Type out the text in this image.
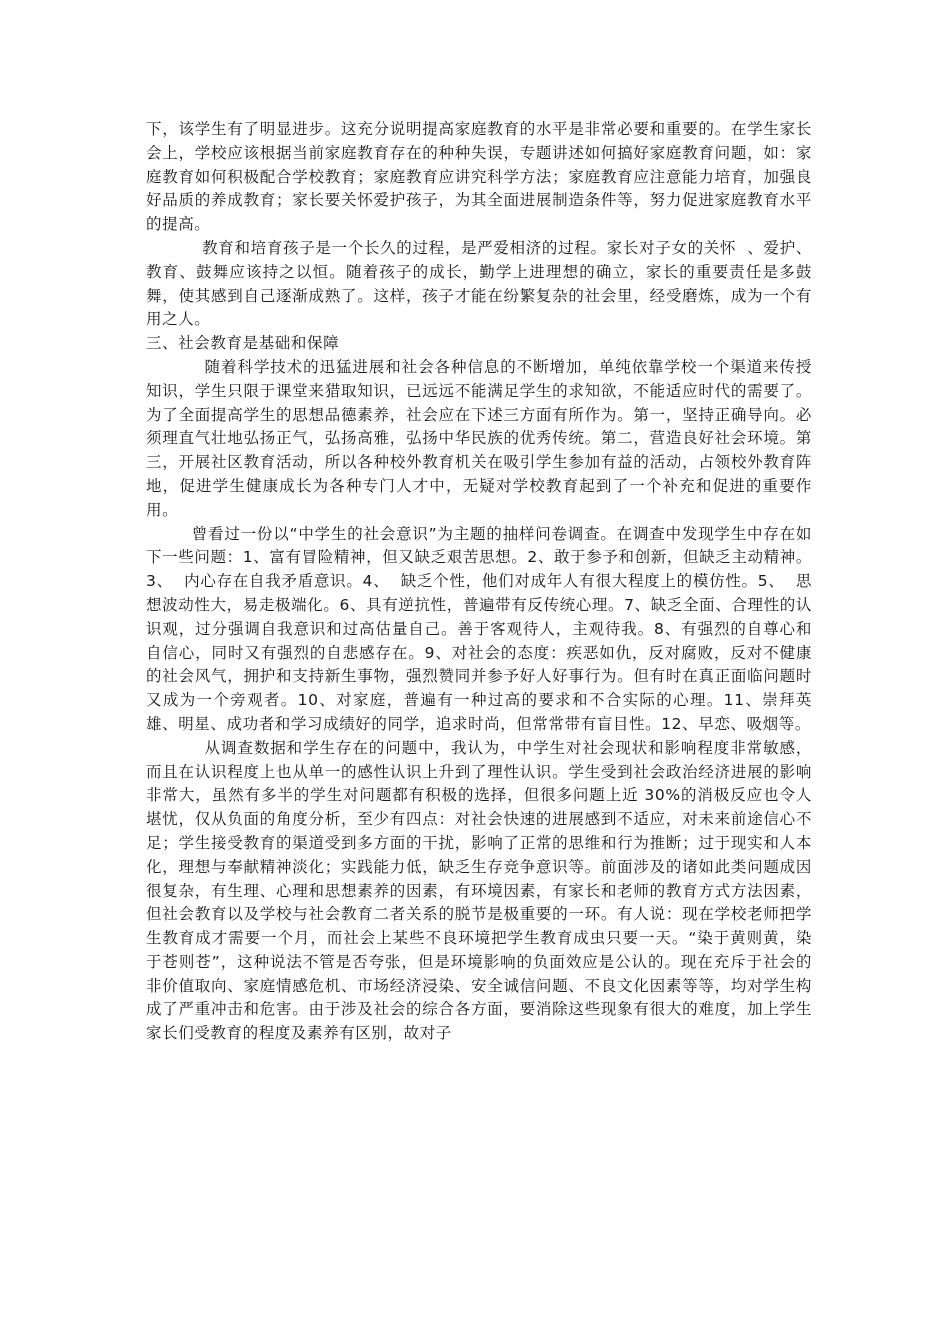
下，该学生有了明显进步。这充分说明提高家庭教育的水平是非常必要和重要的。在学生家长会上，学校应该根据当前家庭教育存在的种种失误，专题讲述如何搞好家庭教育问题，如：家庭教育如何积极配合学校教育；家庭教育应讲究科学方法；家庭教育应注意能力培育，加强良好品质的养成教育；家长要关怀爱护孩子，为其全面进展制造条件等，努力促进家庭教育水平的提高。

教育和培育孩子是一个长久的过程，是严爱相济的过程。家长对子女的关怀  、爱护、教育、鼓舞应该持之以恒。随着孩子的成长，勤学上进理想的确立，家长的重要责任是多鼓舞，使其感到自己逐渐成熟了。这样，孩子才能在纷繁复杂的社会里，经受磨炼，成为一个有用之人。

三、社会教育是基础和保障

随着科学技术的迅猛进展和社会各种信息的不断增加，单纯依靠学校一个渠道来传授知识，学生只限于课堂来猎取知识，已远远不能满足学生的求知欲，不能适应时代的需要了。为了全面提高学生的思想品德素养，社会应在下述三方面有所作为。第一，坚持正确导向。必须理直气壮地弘扬正气，弘扬高雅，弘扬中华民族的优秀传统。第二，营造良好社会环境。第三，开展社区教育活动，所以各种校外教育机关在吸引学生参加有益的活动，占领校外教育阵地，促进学生健康成长为各种专门人才中，无疑对学校教育起到了一个补充和促进的重要作用。

曾看过一份以“中学生的社会意识”为主题的抽样问卷调查。在调查中发现学生中存在如下一些问题：1、富有冒险精神，但又缺乏艰苦思想。2、敢于参予和创新，但缺乏主动精神。3、  内心存在自我矛盾意识。4、  缺乏个性，他们对成年人有很大程度上的模仿性。5、  思想波动性大，易走极端化。6、具有逆抗性，普遍带有反传统心理。7、缺乏全面、合理性的认识观，过分强调自我意识和过高估量自己。善于客观待人，主观待我。8、有强烈的自尊心和自信心，同时又有强烈的自悲感存在。9、对社会的态度：疾恶如仇，反对腐败，反对不健康的社会风气，拥护和支持新生事物，强烈赞同并参予好人好事行为。但有时在真正面临问题时又成为一个旁观者。10、对家庭，普遍有一种过高的要求和不合实际的心理。11、崇拜英雄、明星、成功者和学习成绩好的同学，追求时尚，但常常带有盲目性。12、早恋、吸烟等。

从调查数据和学生存在的问题中，我认为，中学生对社会现状和影响程度非常敏感，而且在认识程度上也从单一的感性认识上升到了理性认识。学生受到社会政治经济进展的影响非常大，虽然有多半的学生对问题都有积极的选择，但很多问题上近 30%的消极反应也令人堪忧，仅从负面的角度分析，至少有四点：对社会快速的进展感到不适应，对未来前途信心不足；学生接受教育的渠道受到多方面的干扰，影响了正常的思维和行为推断；过于现实和人本化，理想与奉献精神淡化；实践能力低，缺乏生存竞争意识等。前面涉及的诸如此类问题成因很复杂，有生理、心理和思想素养的因素，有环境因素，有家长和老师的教育方式方法因素，但社会教育以及学校与社会教育二者关系的脱节是极重要的一环。有人说：现在学校老师把学生教育成才需要一个月，而社会上某些不良环境把学生教育成虫只要一天。“染于黄则黄，染于苍则苍”，这种说法不管是否夸张，但是环境影响的负面效应是公认的。现在充斥于社会的非价值取向、家庭情感危机、市场经济浸染、安全诚信问题、不良文化因素等等，均对学生构成了严重冲击和危害。由于涉及社会的综合各方面，要消除这些现象有很大的难度，加上学生家长们受教育的程度及素养有区别，故对子
